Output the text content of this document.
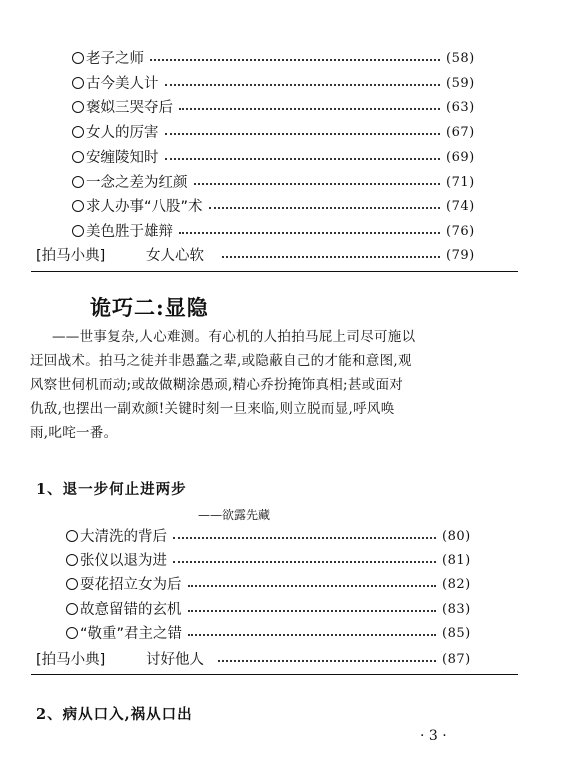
老子之师	(58)
古今美人计	(59)
褒姒三哭夺后	(63)
女人的厉害	(67)
安缠陵知时	(69)
一念之差为红颜	(71)
求人办事“八股”术	(74)
美色胜于雄辩	(76)
[拍马小典]	女人心软	(79)
诡巧二:显隐
——世事复杂,人心难测。有心机的人拍拍马屁上司尽可施以
迂回战术。拍马之徒并非愚蠢之辈,或隐蔽自己的才能和意图,观
风察世伺机而动;或故做糊涂愚顽,精心乔扮掩饰真相;甚或面对
仇敌,也摆出一副欢颜!关键时刻一旦来临,则立脱而显,呼风唤
雨,叱咤一番。
1、退一步何止进两步
——欲露先藏
大清洗的背后	(80)
张仪以退为进	(81)
耍花招立女为后	(82)
故意留错的玄机	(83)
“敬重”君主之错	(85)
[拍马小典]	讨好他人	(87)
2、病从口入,祸从口出
· 3 ·
